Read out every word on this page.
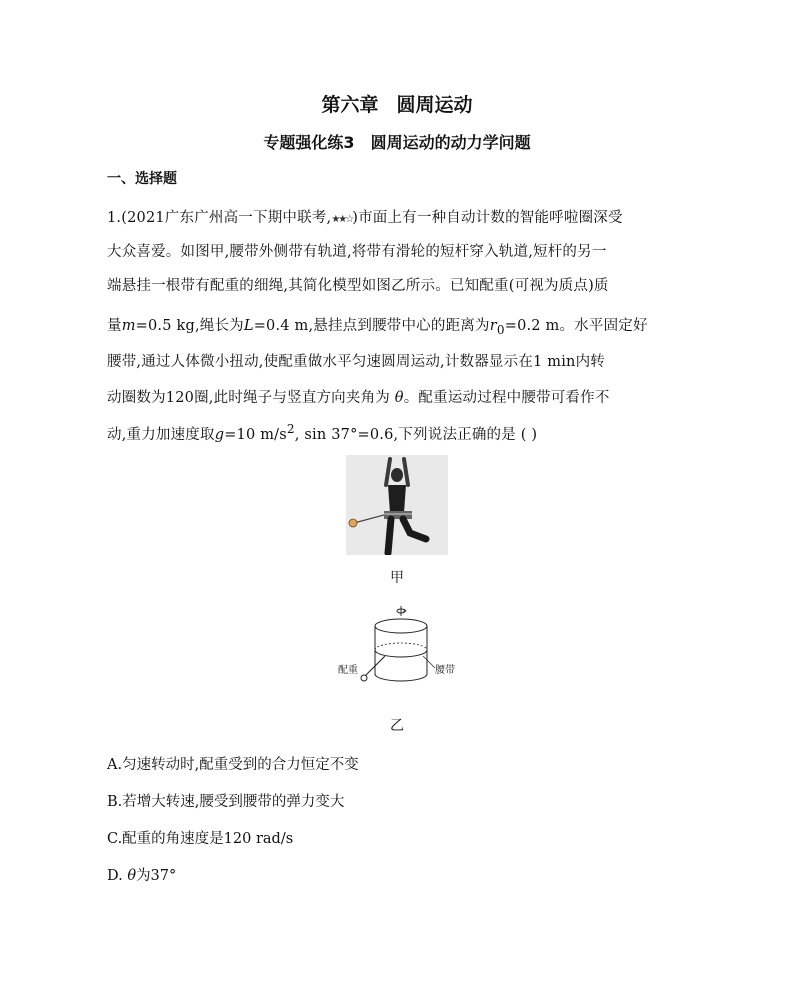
第六章 圆周运动
专题强化练3 圆周运动的动力学问题
一、选择题
1.(2021广东广州高一下期中联考,★★☆)市面上有一种自动计数的智能呼啦圈深受
大众喜爱。如图甲,腰带外侧带有轨道,将带有滑轮的短杆穿入轨道,短杆的另一
端悬挂一根带有配重的细绳,其简化模型如图乙所示。已知配重(可视为质点)质
量m=0.5 kg,绳长为L=0.4 m,悬挂点到腰带中心的距离为$r_0=0.2$ m。水平固定好
腰带,通过人体微小扭动,使配重做水平匀速圆周运动,计数器显示在1 min内转
动圈数为120圈,此时绳子与竖直方向夹角为 θ。配重运动过程中腰带可看作不
动,重力加速度取g=10 $m/s^2$, sin 37°=0.6,下列说法正确的是 ( )
甲
配重	腰带
乙
A.匀速转动时,配重受到的合力恒定不变
B.若增大转速,腰受到腰带的弹力变大
C.配重的角速度是120 rad/s
D. θ为37°
